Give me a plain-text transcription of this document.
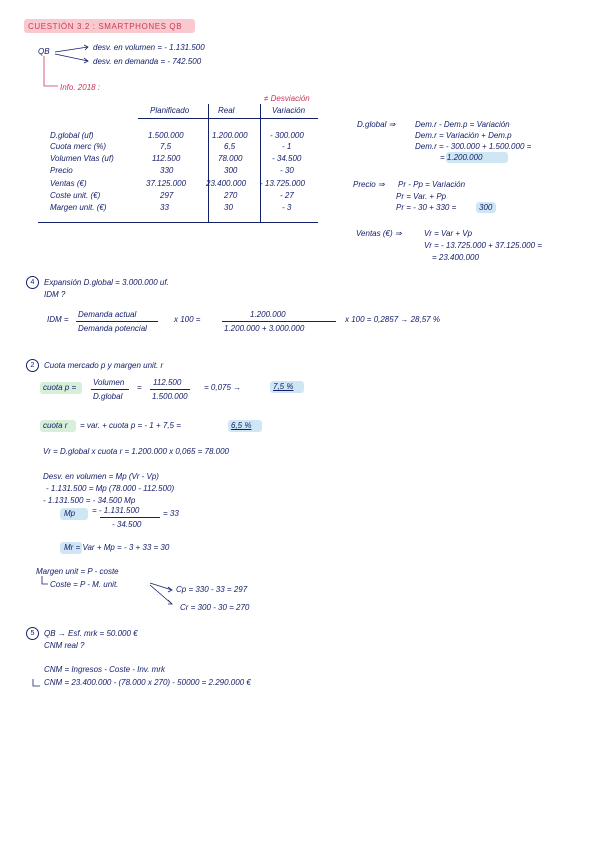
CUESTIÓN 3.2 : SMARTPHONES QB
QB	desv. en volumen = - 1.131.500
desv. en demanda = - 742.500
Info. 2018 :
≠ Desviación
Planificado	Real	Variación
D.global (uf)	1.500.000	1.200.000	- 300.000
Cuota merc (%)	7,5	6,5	- 1
Volumen Vtas (uf)	112.500	78.000	- 34.500
Precio	330	300	- 30
Ventas (€)	37.125.000 23.400.000 - 13.725.000
Coste unit. (€)	297	270	- 27
Margen unit. (€)	33	30	- 3
D.global ⇒ Dem.r - Dem.p = Variación
Dem.r = Variación + Dem.p
Dem.r = - 300.000 + 1.500.000 =
= 1.200.000
Precio ⇒ Pr - Pp = Variación
Pr = Var. + Pp
Pr = - 30 + 330 =	300
Ventas (€) ⇒	Vr = Var + Vp
Vr = - 13.725.000 + 37.125.000 =
= 23.400.000
4	Expansión D.global = 3.000.000 uf.
IDM ?
IDM =
Demanda actual
Demanda potencial
x 100 =
1.200.000
1.200.000 + 3.000.000
x 100 = 0,2857 → 28,57 %
2	Cuota mercado p y margen unit. r
cuota p =
Volumen
D.global
=
112.500
1.500.000
= 0,075 →	7,5 %
cuota r = var. + cuota p = - 1 + 7,5 =	6,5 %
Vr = D.global x cuota r = 1.200.000 x 0,065 = 78.000
Desv. en volumen = Mp (Vr - Vp)
- 1.131.500 = Mp (78.000 - 112.500)
- 1.131.500 = - 34.500 Mp
Mp = - 1.131.500	= 33
- 34.500
Mr = Var + Mp = - 3 + 33 = 30
Margen unit = P - coste
Coste = P - M. unit.
Cp = 330 - 33 = 297
Cr = 300 - 30 = 270
5	QB → Esf. mrk = 50.000 €
CNM real ?
CNM = Ingresos - Coste - Inv. mrk
CNM = 23.400.000 - (78.000 x 270) - 50000 = 2.290.000 €
